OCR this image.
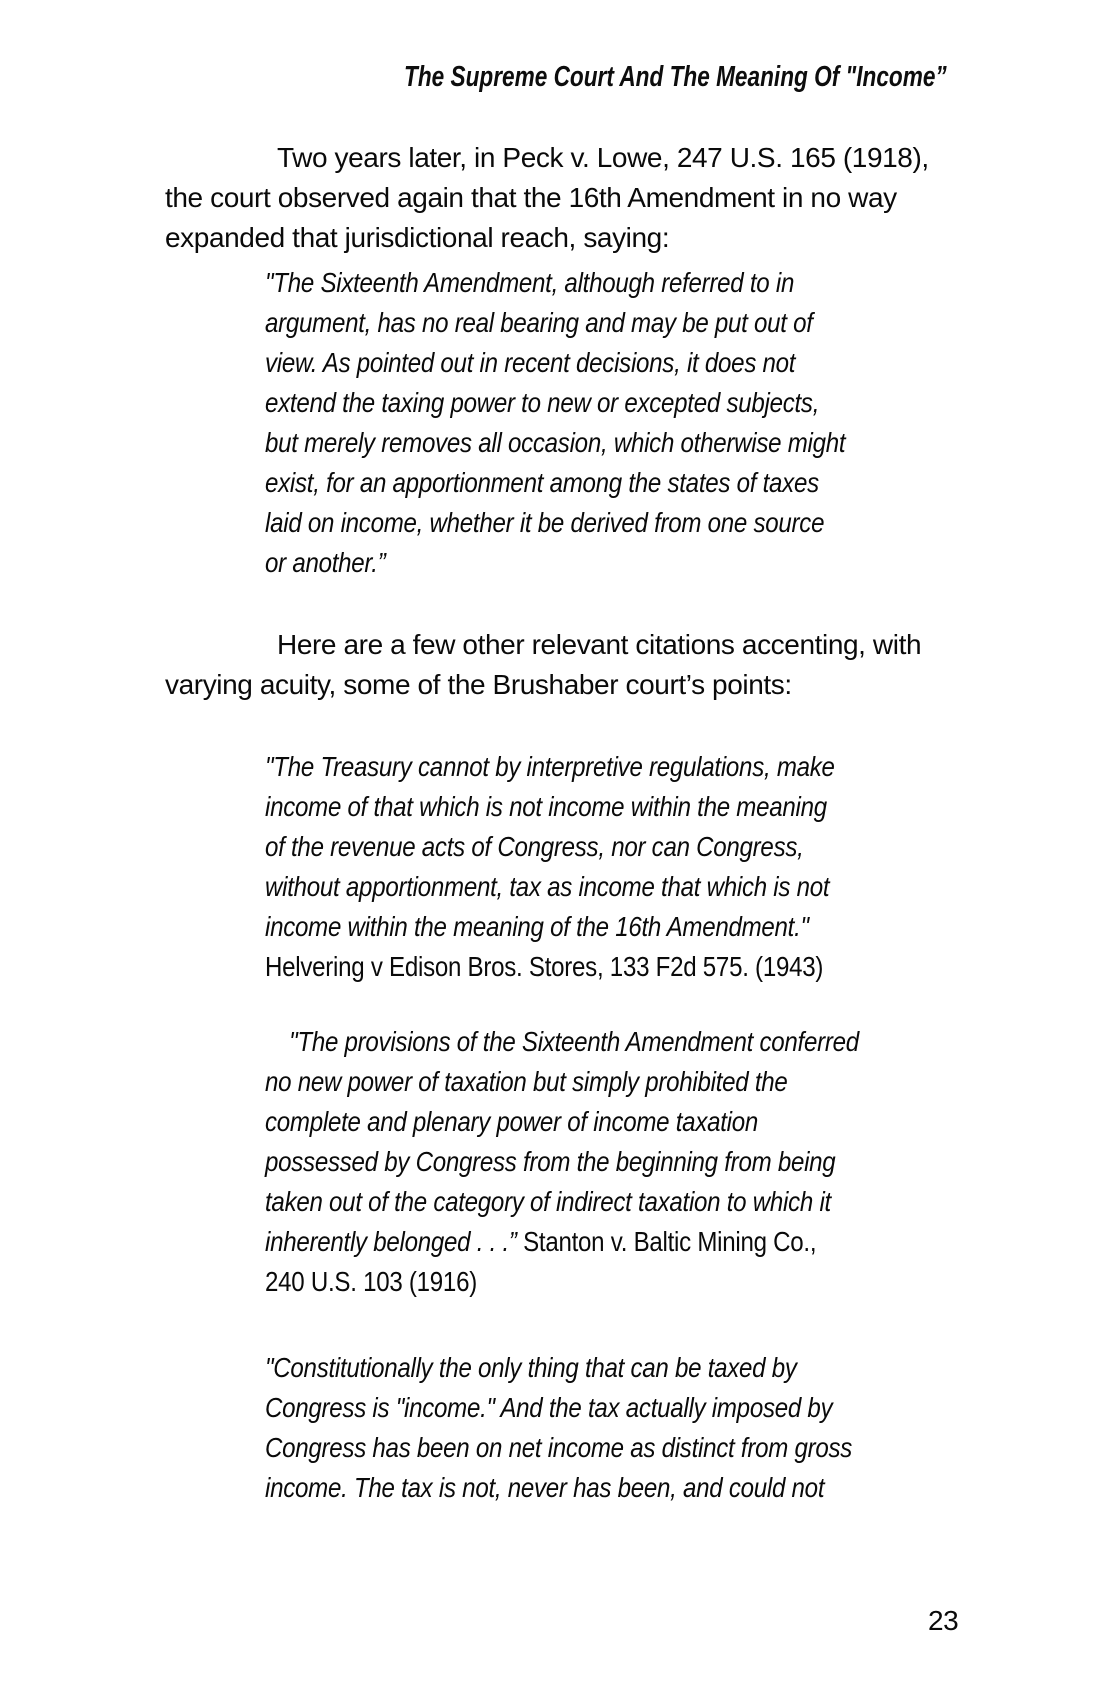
The Supreme Court And The Meaning Of "Income”
Two years later, in Peck v. Lowe, 247 U.S. 165 (1918),
the court observed again that the 16th Amendment in no way
expanded that jurisdictional reach, saying:
"The Sixteenth Amendment, although referred to in
argument, has no real bearing and may be put out of
view. As pointed out in recent decisions, it does not
extend the taxing power to new or excepted subjects,
but merely removes all occasion, which otherwise might
exist, for an apportionment among the states of taxes
laid on income, whether it be derived from one source
or another.”
Here are a few other relevant citations accenting, with
varying acuity, some of the Brushaber court’s points:
"The Treasury cannot by interpretive regulations, make
income of that which is not income within the meaning
of the revenue acts of Congress, nor can Congress,
without apportionment, tax as income that which is not
income within the meaning of the 16th Amendment."
Helvering v Edison Bros. Stores, 133 F2d 575. (1943)
"The provisions of the Sixteenth Amendment conferred
no new power of taxation but simply prohibited the
complete and plenary power of income taxation
possessed by Congress from the beginning from being
taken out of the category of indirect taxation to which it
inherently belonged . . .” Stanton v. Baltic Mining Co.,
240 U.S. 103 (1916)
"Constitutionally the only thing that can be taxed by
Congress is "income." And the tax actually imposed by
Congress has been on net income as distinct from gross
income. The tax is not, never has been, and could not
23
